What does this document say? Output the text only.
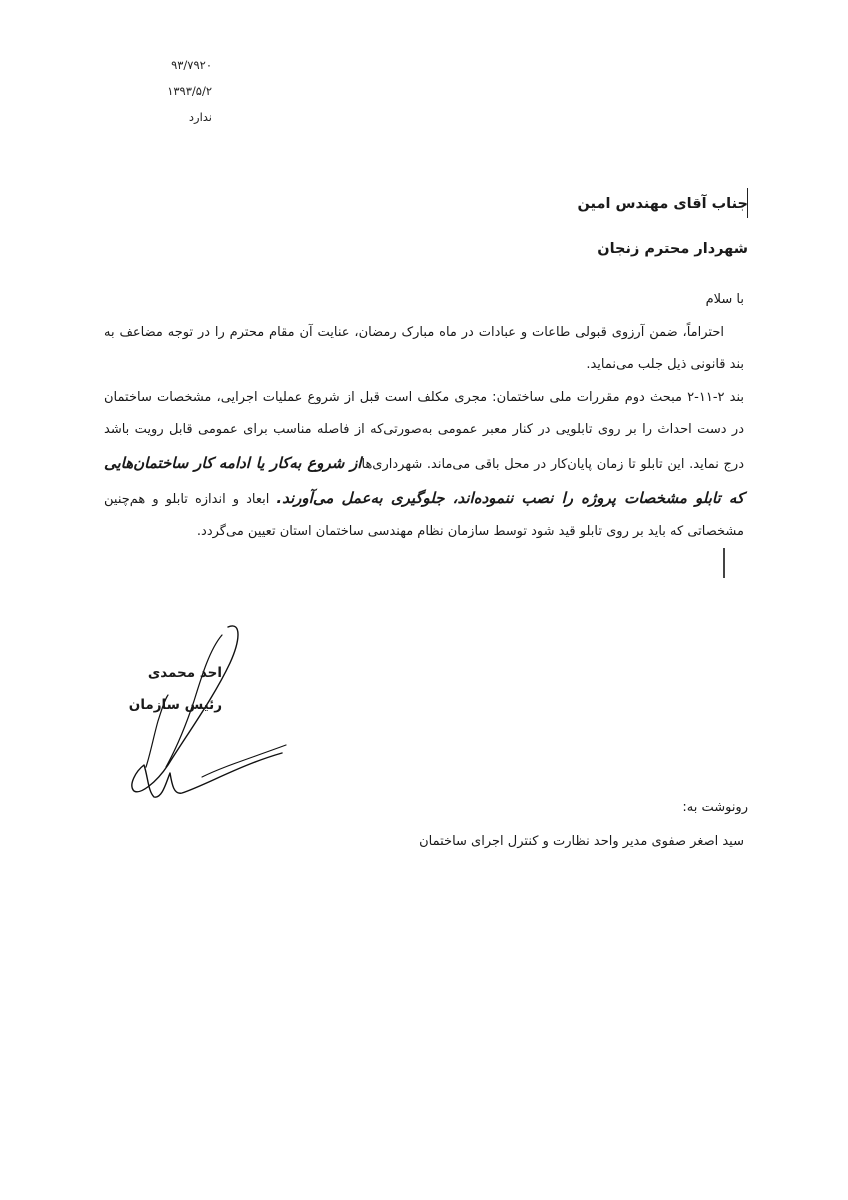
۹۳/۷۹۲۰
۱۳۹۳/۵/۲
ندارد
جناب آقای مهندس امین
شهردار محترم زنجان

با سلام

احتراماً، ضمن آرزوی قبولی طاعات و عبادات در ماه مبارک رمضان، عنایت آن مقام محترم را در توجه مضاعف به بند قانونی ذیل جلب می‌نماید.

بند ۲-۱۱-۲ مبحث دوم مقررات ملی ساختمان: مجری مکلف است قبل از شروع عملیات اجرایی، مشخصات ساختمان در دست احداث را بر روی تابلویی در کنار معبر عمومی به‌صورتی‌که از فاصله مناسب برای عمومی قابل رویت باشد درج نماید. این تابلو تا زمان پایان‌کار در محل باقی می‌ماند. شهرداری‌هااز شروع به‌کار یا ادامه کار ساختمان‌هایی که تابلو مشخصات پروژه را نصب ننموده‌اند، جلوگیری به‌عمل می‌آورند. ابعاد و اندازه تابلو و هم‌چنین مشخصاتی که باید بر روی تابلو قید شود توسط سازمان نظام مهندسی ساختمان استان تعیین می‌گردد.

احد محمدی
رئیس سازمان
رونوشت به:
سید اصغر صفوی مدیر واحد نظارت و کنترل اجرای ساختمان
